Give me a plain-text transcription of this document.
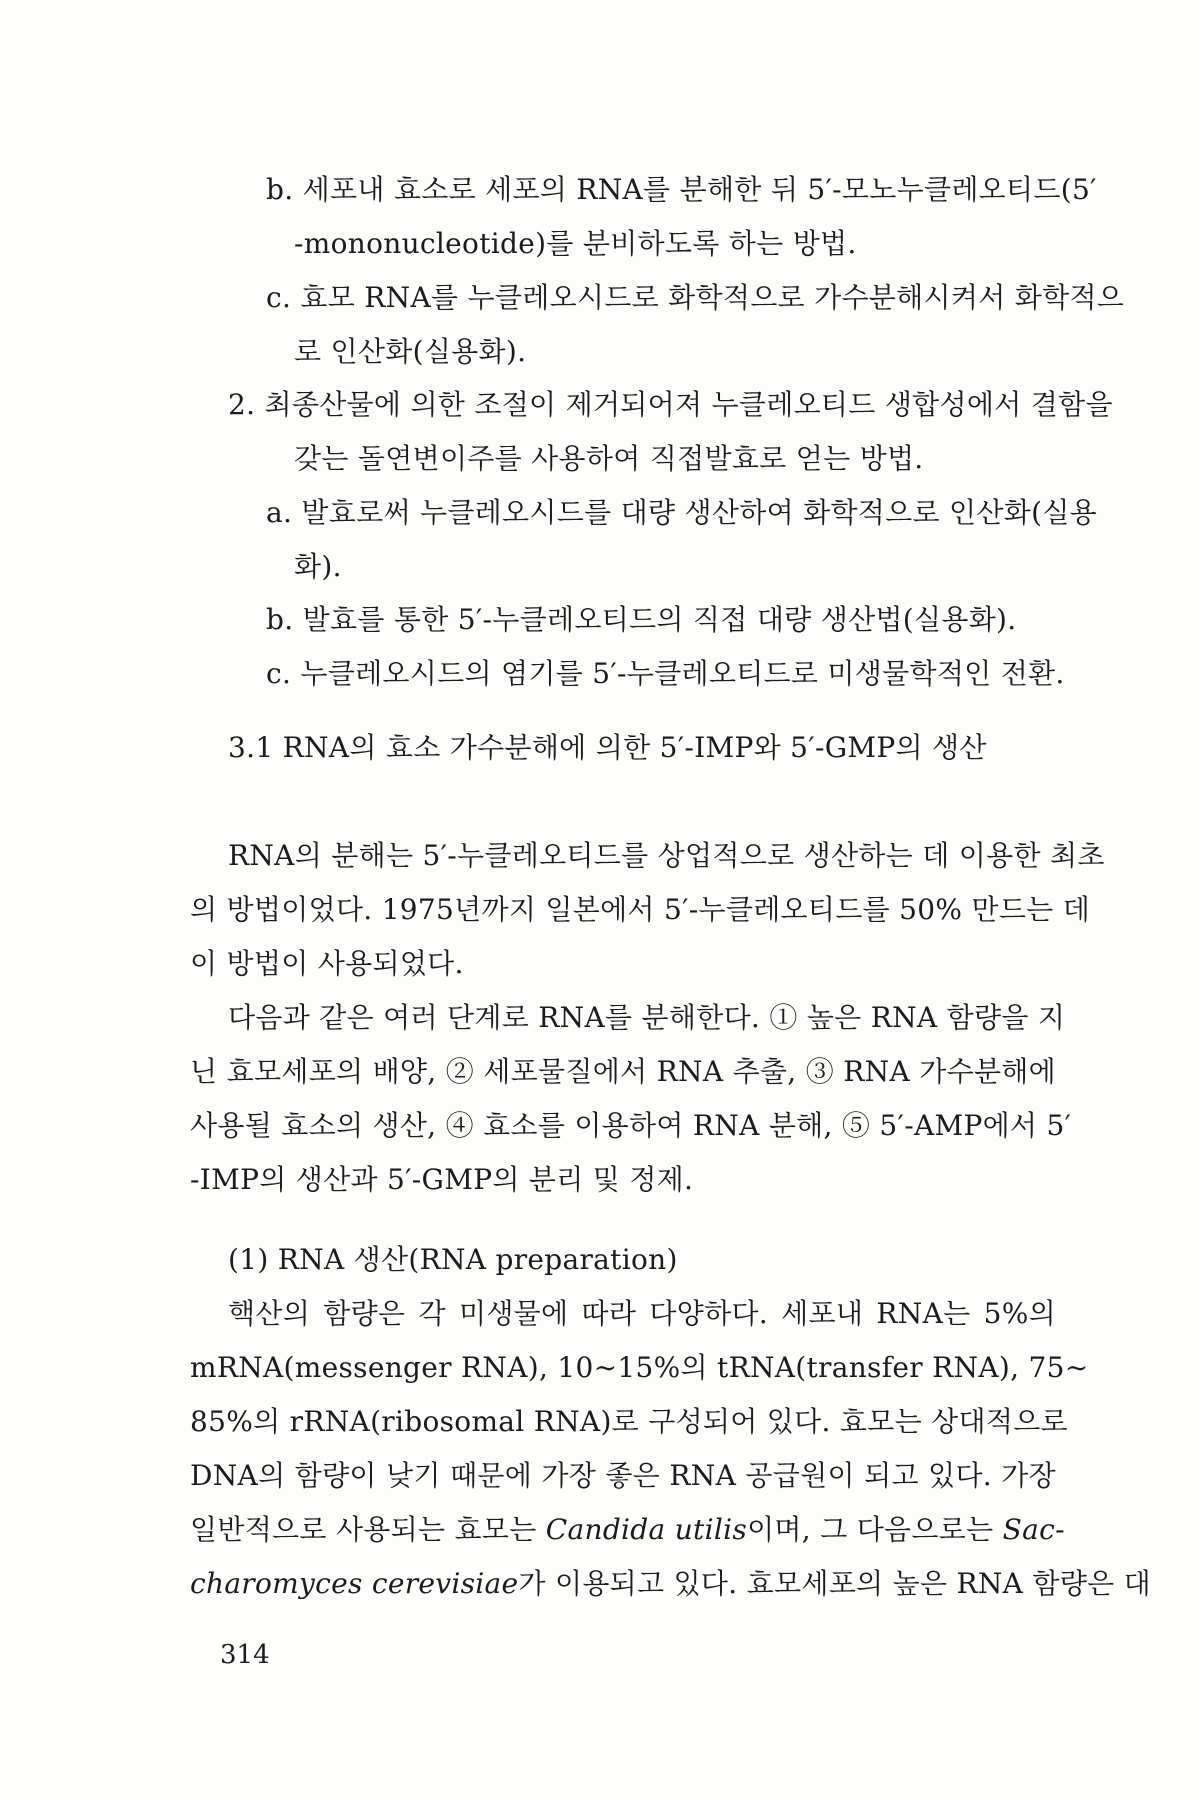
b. 세포내 효소로 세포의 RNA를 분해한 뒤 5′-모노누클레오티드(5′
-mononucleotide)를 분비하도록 하는 방법.
c. 효모 RNA를 누클레오시드로 화학적으로 가수분해시켜서 화학적으
로 인산화(실용화).
2. 최종산물에 의한 조절이 제거되어져 누클레오티드 생합성에서 결함을
갖는 돌연변이주를 사용하여 직접발효로 얻는 방법.
a. 발효로써 누클레오시드를 대량 생산하여 화학적으로 인산화(실용
화).
b. 발효를 통한 5′-누클레오티드의 직접 대량 생산법(실용화).
c. 누클레오시드의 염기를 5′-누클레오티드로 미생물학적인 전환.
3.1 RNA의 효소 가수분해에 의한 5′-IMP와 5′-GMP의 생산
RNA의 분해는 5′-누클레오티드를 상업적으로 생산하는 데 이용한 최초
의 방법이었다. 1975년까지 일본에서 5′-누클레오티드를 50% 만드는 데
이 방법이 사용되었다.
다음과 같은 여러 단계로 RNA를 분해한다. ① 높은 RNA 함량을 지
닌 효모세포의 배양, ② 세포물질에서 RNA 추출, ③ RNA 가수분해에
사용될 효소의 생산, ④ 효소를 이용하여 RNA 분해, ⑤ 5′-AMP에서 5′
-IMP의 생산과 5′-GMP의 분리 및 정제.
(1) RNA 생산(RNA preparation)
핵산의 함량은 각 미생물에 따라 다양하다. 세포내 RNA는 5%의
mRNA(messenger RNA), 10∼15%의 tRNA(transfer RNA), 75∼
85%의 rRNA(ribosomal RNA)로 구성되어 있다. 효모는 상대적으로
DNA의 함량이 낮기 때문에 가장 좋은 RNA 공급원이 되고 있다. 가장
일반적으로 사용되는 효모는 Candida utilis이며, 그 다음으로는 Sac-
charomyces cerevisiae가 이용되고 있다. 효모세포의 높은 RNA 함량은 대
314
